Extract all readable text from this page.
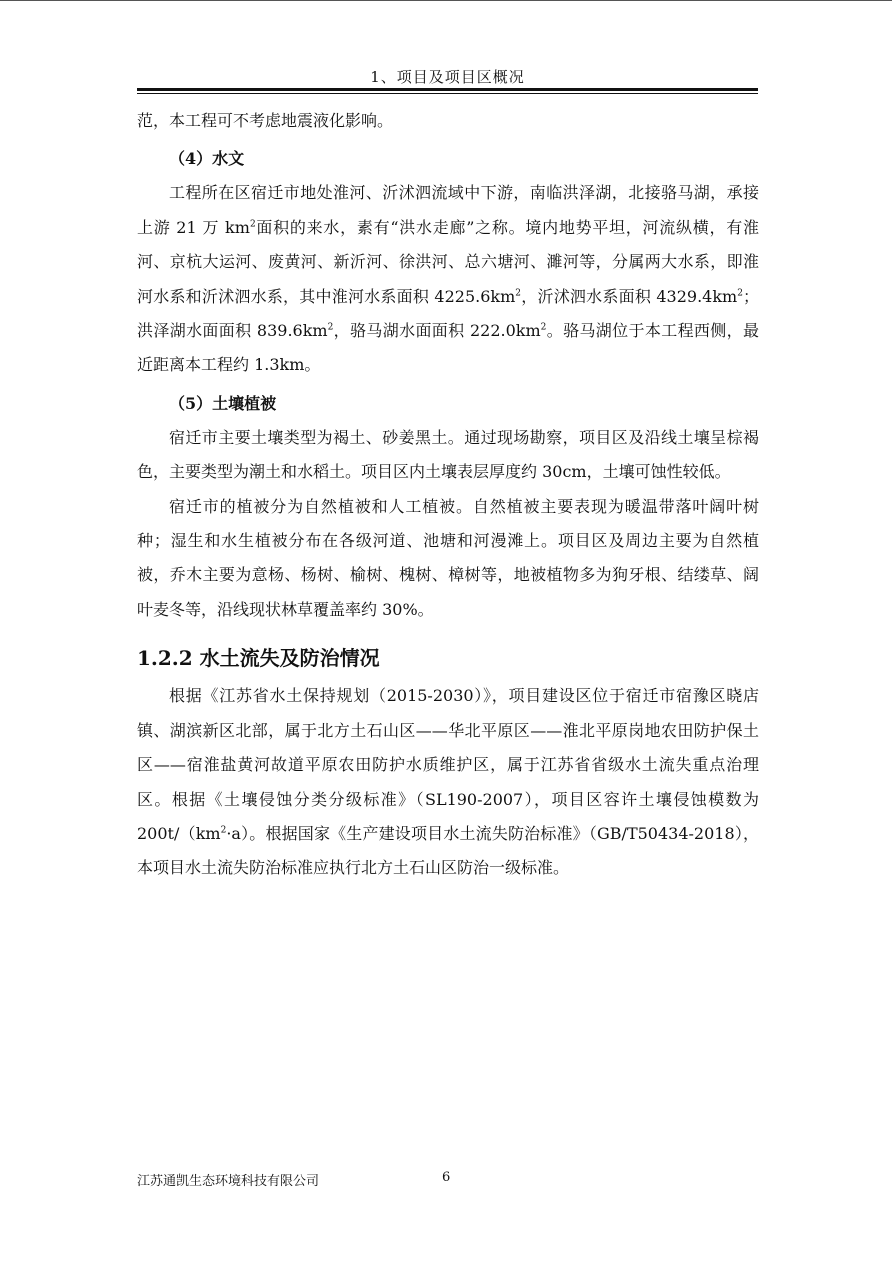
1、项目及项目区概况

范，本工程可不考虑地震液化影响。

（4）水文

工程所在区宿迁市地处淮河、沂沭泗流域中下游，南临洪泽湖，北接骆马湖，承接上游 21 万 $km^2$面积的来水，素有“洪水走廊”之称。境内地势平坦，河流纵横，有淮河、京杭大运河、废黄河、新沂河、徐洪河、总六塘河、濉河等，分属两大水系，即淮河水系和沂沭泗水系，其中淮河水系面积 $4225.6km^2$，沂沭泗水系面积 $4329.4km^2$；洪泽湖水面面积 $839.6km^2$，骆马湖水面面积 $222.0km^2$。骆马湖位于本工程西侧，最近距离本工程约 1.3km。

（5）土壤植被

宿迁市主要土壤类型为褐土、砂姜黑土。通过现场勘察，项目区及沿线土壤呈棕褐色，主要类型为潮土和水稻土。项目区内土壤表层厚度约 30cm，土壤可蚀性较低。

宿迁市的植被分为自然植被和人工植被。自然植被主要表现为暖温带落叶阔叶树种；湿生和水生植被分布在各级河道、池塘和河漫滩上。项目区及周边主要为自然植被，乔木主要为意杨、杨树、榆树、槐树、樟树等，地被植物多为狗牙根、结缕草、阔叶麦冬等，沿线现状林草覆盖率约 30%。

1.2.2 水土流失及防治情况

根据《江苏省水土保持规划（2015-2030）》，项目建设区位于宿迁市宿豫区晓店镇、湖滨新区北部，属于北方土石山区——华北平原区——淮北平原岗地农田防护保土区——宿淮盐黄河故道平原农田防护水质维护区，属于江苏省省级水土流失重点治理区。根据《土壤侵蚀分类分级标准》（SL190-2007），项目区容许土壤侵蚀模数为 $200t/(km^2\cdot a)$。根据国家《生产建设项目水土流失防治标准》（GB/T50434-2018），本项目水土流失防治标准应执行北方土石山区防治一级标准。

江苏通凯生态环境科技有限公司	6
